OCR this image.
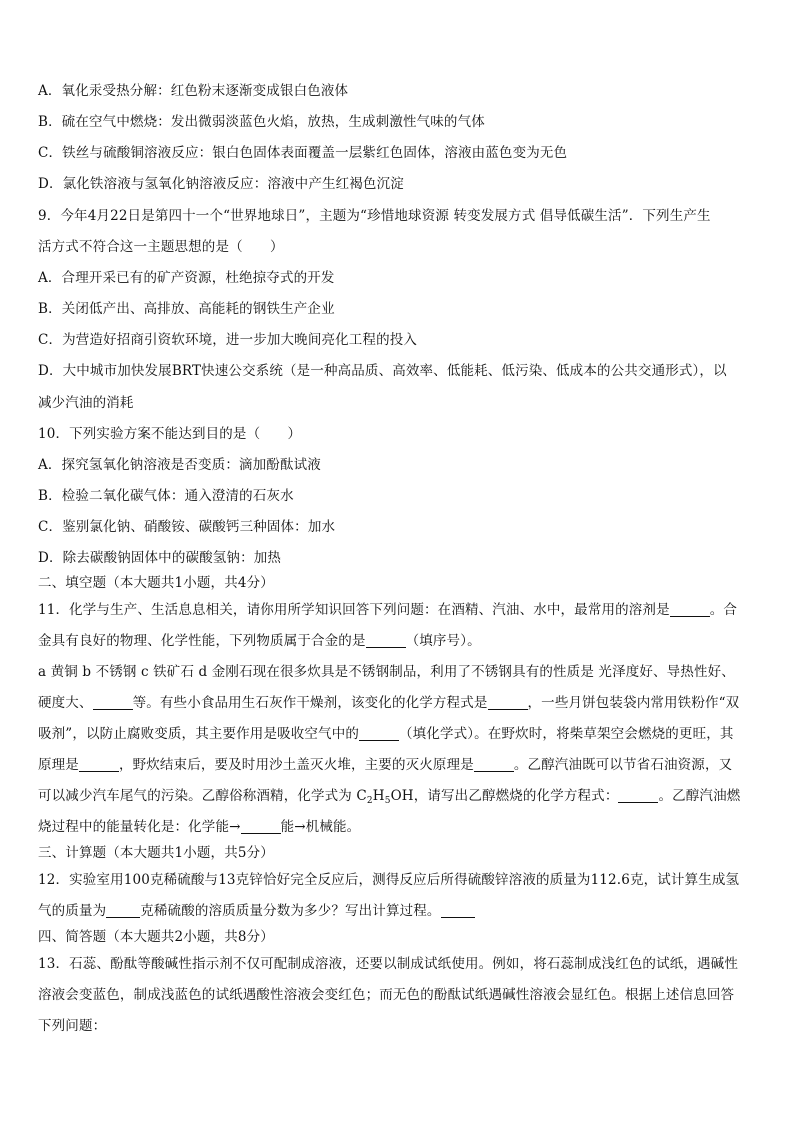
A．氧化汞受热分解：红色粉末逐渐变成银白色液体
B．硫在空气中燃烧：发出微弱淡蓝色火焰，放热，生成刺激性气味的气体
C．铁丝与硫酸铜溶液反应：银白色固体表面覆盖一层紫红色固体，溶液由蓝色变为无色
D．氯化铁溶液与氢氧化钠溶液反应：溶液中产生红褐色沉淀
9．今年4月22日是第四十一个“世界地球日”，主题为“珍惜地球资源 转变发展方式 倡导低碳生活”．下列生产生
活方式不符合这一主题思想的是（　　）
A．合理开采已有的矿产资源，杜绝掠夺式的开发
B．关闭低产出、高排放、高能耗的钢铁生产企业
C．为营造好招商引资软环境，进一步加大晚间亮化工程的投入
D．大中城市加快发展BRT快速公交系统（是一种高品质、高效率、低能耗、低污染、低成本的公共交通形式），以
减少汽油的消耗
10．下列实验方案不能达到目的是（　　）
A．探究氢氧化钠溶液是否变质：滴加酚酞试液
B．检验二氧化碳气体：通入澄清的石灰水
C．鉴别氯化钠、硝酸铵、碳酸钙三种固体：加水
D．除去碳酸钠固体中的碳酸氢钠：加热
二、填空题（本大题共1小题，共4分）
11．化学与生产、生活息息相关，请你用所学知识回答下列问题：在酒精、汽油、水中，最常用的溶剂是	。合
金具有良好的物理、化学性能，下列物质属于合金的是	（填序号）。
a 黄铜 b 不锈钢 c 铁矿石 d 金刚石现在很多炊具是不锈钢制品，利用了不锈钢具有的性质是 光泽度好、导热性好、
硬度大、	等。有些小食品用生石灰作干燥剂，该变化的化学方程式是	，一些月饼包装袋内常用铁粉作“双
吸剂”，以防止腐败变质，其主要作用是吸收空气中的	（填化学式）。在野炊时，将柴草架空会燃烧的更旺，其
原理是	，野炊结束后，要及时用沙土盖灭火堆，主要的灭火原理是	。乙醇汽油既可以节省石油资源，又
可以减少汽车尾气的污染。乙醇俗称酒精，化学式为 $C_2H_5OH$，请写出乙醇燃烧的化学方程式：	。乙醇汽油燃
烧过程中的能量转化是：化学能→	能→机械能。
三、计算题（本大题共1小题，共5分）
12．实验室用100克稀硫酸与13克锌恰好完全反应后，测得反应后所得硫酸锌溶液的质量为112.6克，试计算生成氢
气的质量为	克稀硫酸的溶质质量分数为多少？写出计算过程。
四、简答题（本大题共2小题，共8分）
13．石蕊、酚酞等酸碱性指示剂不仅可配制成溶液，还要以制成试纸使用。例如，将石蕊制成浅红色的试纸，遇碱性
溶液会变蓝色，制成浅蓝色的试纸遇酸性溶液会变红色；而无色的酚酞试纸遇碱性溶液会显红色。根据上述信息回答
下列问题：
